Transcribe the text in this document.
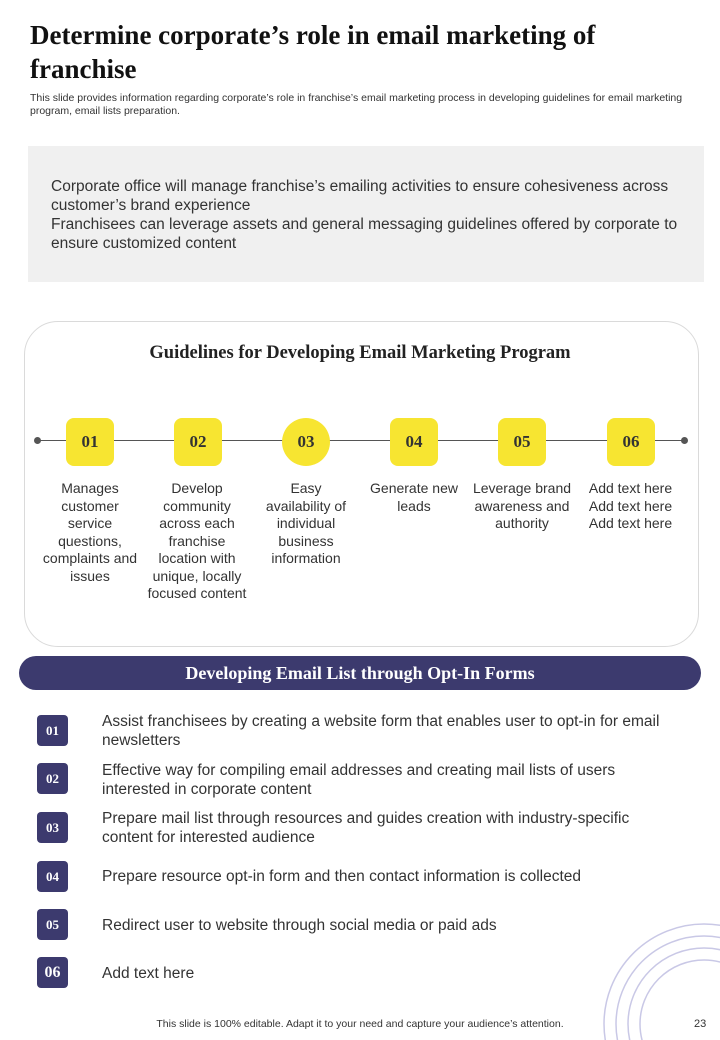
Determine corporate’s role in email marketing of franchise
This slide provides information regarding corporate’s role in franchise’s email marketing process in developing guidelines for email marketing program, email lists preparation.

Corporate office will manage franchise’s emailing activities to ensure cohesiveness across customer’s brand experience

Franchisees can leverage assets and general messaging guidelines offered by corporate to ensure customized content

Guidelines for Developing Email Marketing Program
01	02	03	04	05	06
Manages customer service questions, complaints and issues
Develop community across each franchise location with unique, locally focused content
Easy availability of individual business information
Generate new leads
Leverage brand awareness and authority
Add text here Add text here Add text here
Developing Email List through Opt-In Forms
01	Assist franchisees by creating a website form that enables user to opt-in for email newsletters
02	Effective way for compiling email addresses and creating mail lists of users interested in corporate content
03	Prepare mail list through resources and guides creation with industry-specific content for interested audience
04	Prepare resource opt-in form and then contact information is collected
05	Redirect user to website through social media or paid ads
06	Add text here
This slide is 100% editable. Adapt it to your need and capture your audience’s attention.	23
